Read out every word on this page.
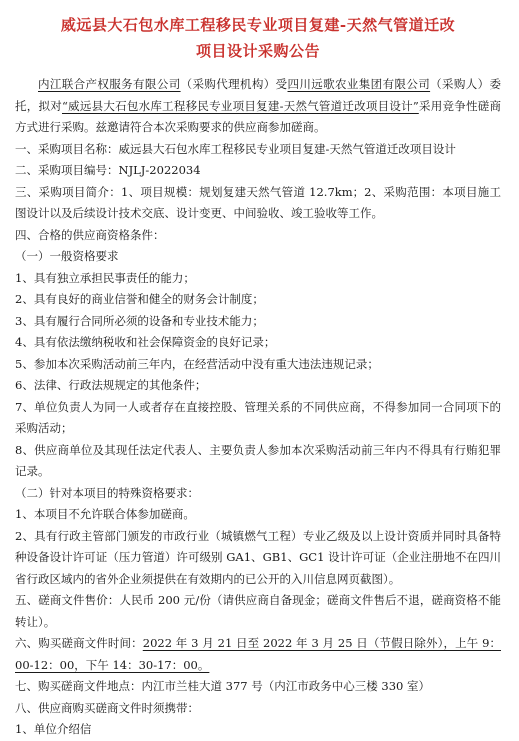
威远县大石包水库工程移民专业项目复建-天然气管道迁改
项目设计采购公告
内江联合产权服务有限公司（采购代理机构）受四川远歌农业集团有限公司（采购人）委托，拟对“威远县大石包水库工程移民专业项目复建-天然气管道迁改项目设计”采用竞争性磋商方式进行采购。兹邀请符合本次采购要求的供应商参加磋商。
一、采购项目名称：威远县大石包水库工程移民专业项目复建-天然气管道迁改项目设计
二、采购项目编号：NJLJ-2022034
三、采购项目简介：1、项目规模：规划复建天然气管道 12.7km；2、采购范围：本项目施工图设计以及后续设计技术交底、设计变更、中间验收、竣工验收等工作。
四、合格的供应商资格条件：
（一）一般资格要求
1、具有独立承担民事责任的能力；
2、具有良好的商业信誉和健全的财务会计制度；
3、具有履行合同所必须的设备和专业技术能力；
4、具有依法缴纳税收和社会保障资金的良好记录；
5、参加本次采购活动前三年内，在经营活动中没有重大违法违规记录；
6、法律、行政法规规定的其他条件；
7、单位负责人为同一人或者存在直接控股、管理关系的不同供应商，不得参加同一合同项下的采购活动；
8、供应商单位及其现任法定代表人、主要负责人参加本次采购活动前三年内不得具有行贿犯罪记录。
（二）针对本项目的特殊资格要求：
1、本项目不允许联合体参加磋商。
2、具有行政主管部门颁发的市政行业（城镇燃气工程）专业乙级及以上设计资质并同时具备特种设备设计许可证（压力管道）许可级别 GA1、GB1、GC1 设计许可证（企业注册地不在四川省行政区域内的省外企业须提供在有效期内的已公开的入川信息网页截图）。
五、磋商文件售价：人民币 200 元/份（请供应商自备现金；磋商文件售后不退，磋商资格不能转让）。
六、购买磋商文件时间：2022 年 3 月 21 日至 2022 年 3 月 25 日（节假日除外），上午 9：00-12：00，下午 14：30-17：00。
七、购买磋商文件地点：内江市兰桂大道 377 号（内江市政务中心三楼 330 室）
八、供应商购买磋商文件时须携带：
1、单位介绍信
